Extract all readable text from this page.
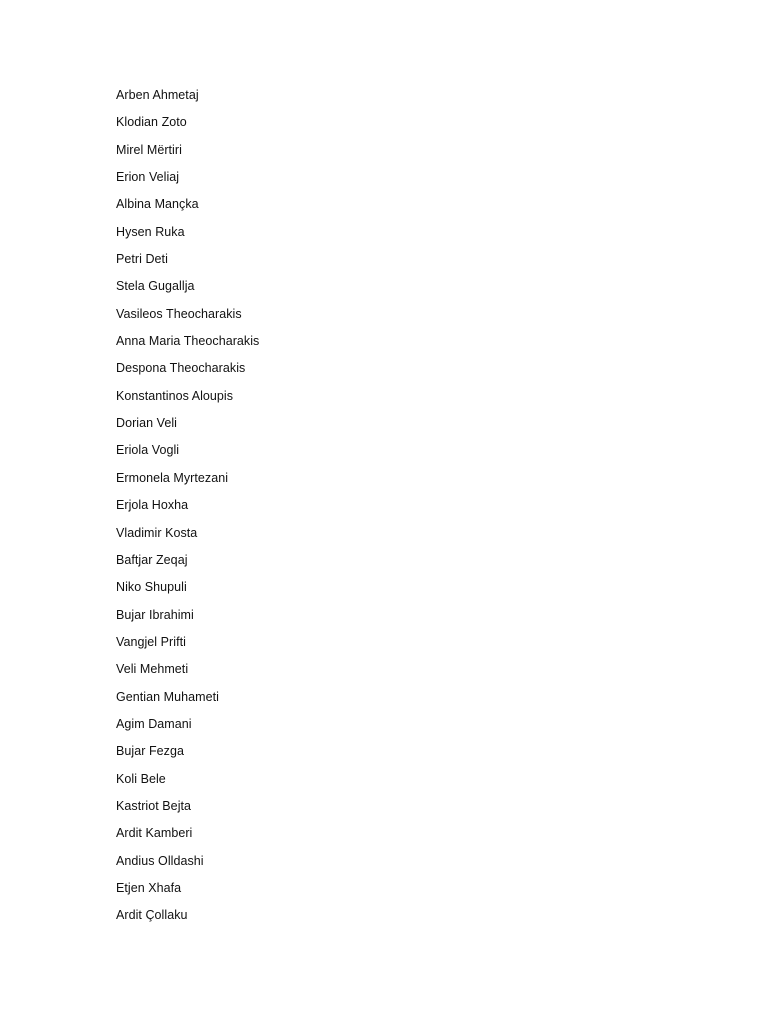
Arben Ahmetaj
Klodian Zoto
Mirel Mërtiri
Erion Veliaj
Albina Mançka
Hysen Ruka
Petri Deti
Stela Gugallja
Vasileos Theocharakis
Anna Maria Theocharakis
Despona Theocharakis
Konstantinos Aloupis
Dorian Veli
Eriola Vogli
Ermonela Myrtezani
Erjola Hoxha
Vladimir Kosta
Baftjar Zeqaj
Niko Shupuli
Bujar Ibrahimi
Vangjel Prifti
Veli Mehmeti
Gentian Muhameti
Agim Damani
Bujar Fezga
Koli Bele
Kastriot Bejta
Ardit Kamberi
Andius Olldashi
Etjen Xhafa
Ardit Çollaku
